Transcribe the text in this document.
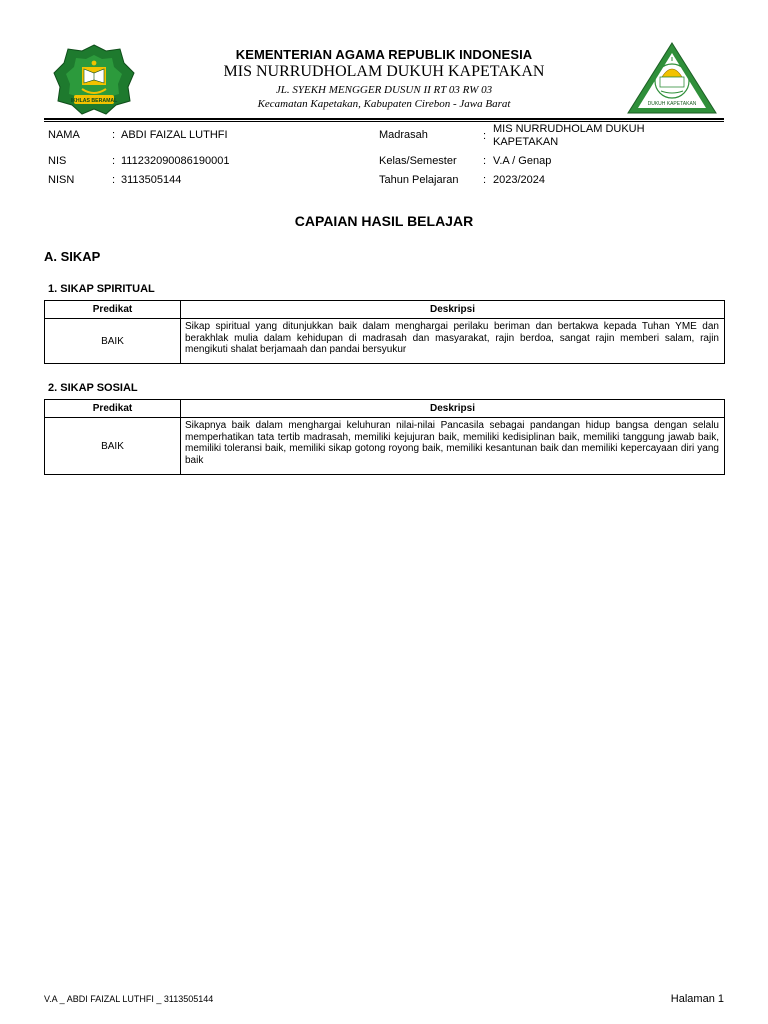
IKHLAS BERAMAL	DUKUH KAPETAKAN
KEMENTERIAN AGAMA REPUBLIK INDONESIA
MIS NURRUDHOLAM DUKUH KAPETAKAN
JL. SYEKH MENGGER DUSUN II RT 03 RW 03
Kecamatan Kapetakan, Kabupaten Cirebon - Jawa Barat
NAMA	: ABDI FAIZAL LUTHFI
NIS	: 111232090086190001
NISN	: 3113505144
Madrasah	:
MIS NURRUDHOLAM DUKUH
KAPETAKAN
Kelas/Semester : V.A / Genap
Tahun Pelajaran : 2023/2024
CAPAIAN HASIL BELAJAR
A. SIKAP
1. SIKAP SPIRITUAL
Predikat	Deskripsi
BAIK	Sikap spiritual yang ditunjukkan baik dalam menghargai perilaku beriman dan bertakwa kepada Tuhan YME dan berakhlak mulia dalam kehidupan di madrasah dan masyarakat, rajin berdoa, sangat rajin memberi salam, rajin mengikuti shalat berjamaah dan pandai bersyukur
2. SIKAP SOSIAL
Predikat	Deskripsi
BAIK	Sikapnya baik dalam menghargai keluhuran nilai-nilai Pancasila sebagai pandangan hidup bangsa dengan selalu memperhatikan tata tertib madrasah, memiliki kejujuran baik, memiliki kedisiplinan baik, memiliki tanggung jawab baik, memiliki toleransi baik, memiliki sikap gotong royong baik, memiliki kesantunan baik dan memiliki kepercayaan diri yang baik
V.A _ ABDI FAIZAL LUTHFI _ 3113505144	Halaman 1
